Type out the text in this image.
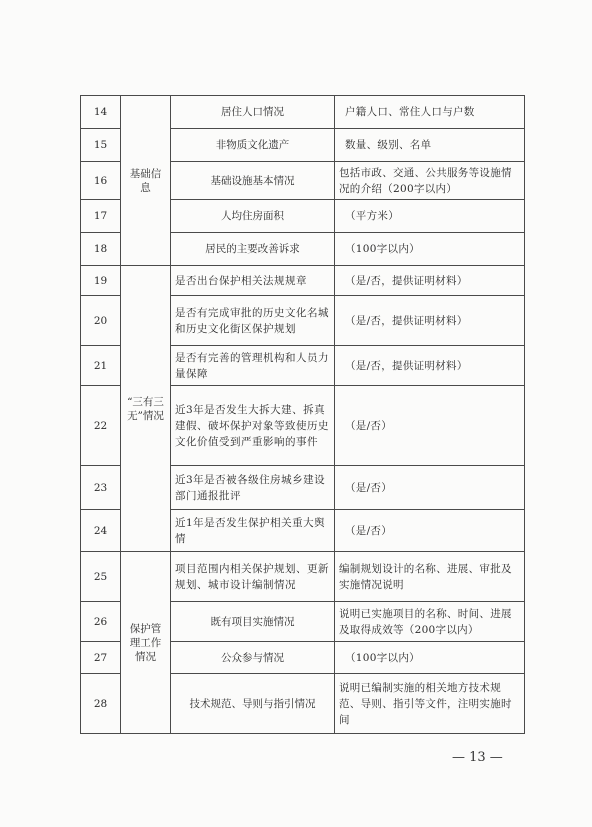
14	基础信息	居住人口情况	户籍人口、常住人口与户数
15		非物质文化遗产	数量、级别、名单
16		基础设施基本情况	包括市政、交通、公共服务等设施情况的介绍（200字以内）
17		人均住房面积	（平方米）
18		居民的主要改善诉求	（100字以内）
19	“三有三无”情况	是否出台保护相关法规规章	（是/否，提供证明材料）
20		是否有完成审批的历史文化名城和历史文化街区保护规划	（是/否，提供证明材料）
21		是否有完善的管理机构和人员力量保障	（是/否，提供证明材料）
22		近3年是否发生大拆大建、拆真建假、破坏保护对象等致使历史文化价值受到严重影响的事件	（是/否）
23		近3年是否被各级住房城乡建设部门通报批评	（是/否）
24		近1年是否发生保护相关重大舆情	（是/否）
25	保护管理工作情况	项目范围内相关保护规划、更新规划、城市设计编制情况	编制规划设计的名称、进展、审批及实施情况说明
26		既有项目实施情况	说明已实施项目的名称、时间、进展及取得成效等（200字以内）
27		公众参与情况	（100字以内）
28		技术规范、导则与指引情况	说明已编制实施的相关地方技术规范、导则、指引等文件，注明实施时间
— 13 —
